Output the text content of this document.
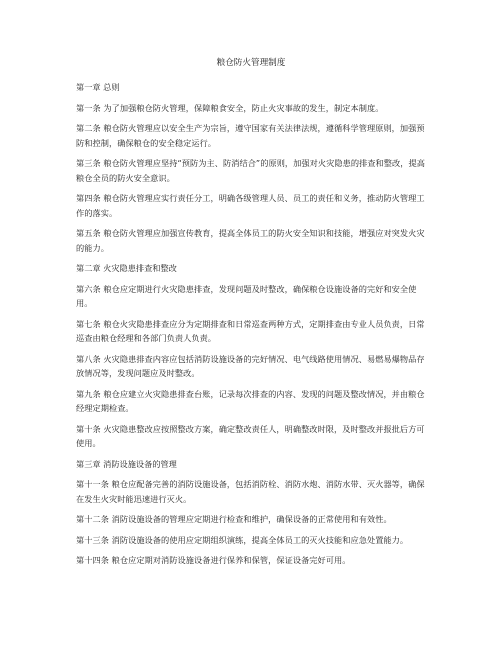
粮仓防火管理制度

第一章 总则

第一条 为了加强粮仓防火管理，保障粮食安全，防止火灾事故的发生，制定本制度。

第二条 粮仓防火管理应以安全生产为宗旨，遵守国家有关法律法规，遵循科学管理原则，加强预防和控制，确保粮仓的安全稳定运行。

第三条 粮仓防火管理应坚持“预防为主、防消结合”的原则，加强对火灾隐患的排查和整改，提高粮仓全员的防火安全意识。

第四条 粮仓防火管理应实行责任分工，明确各级管理人员、员工的责任和义务，推动防火管理工作的落实。

第五条 粮仓防火管理应加强宣传教育，提高全体员工的防火安全知识和技能，增强应对突发火灾的能力。

第二章 火灾隐患排查和整改

第六条 粮仓应定期进行火灾隐患排查，发现问题及时整改，确保粮仓设施设备的完好和安全使用。

第七条 粮仓火灾隐患排查应分为定期排查和日常巡查两种方式，定期排查由专业人员负责，日常巡查由粮仓经理和各部门负责人负责。

第八条 火灾隐患排查内容应包括消防设施设备的完好情况、电气线路使用情况、易燃易爆物品存放情况等，发现问题应及时整改。

第九条 粮仓应建立火灾隐患排查台账，记录每次排查的内容、发现的问题及整改情况，并由粮仓经理定期检查。

第十条 火灾隐患整改应按照整改方案，确定整改责任人，明确整改时限，及时整改并报批后方可使用。

第三章 消防设施设备的管理

第十一条 粮仓应配备完善的消防设施设备，包括消防栓、消防水炮、消防水带、灭火器等，确保在发生火灾时能迅速进行灭火。

第十二条 消防设施设备的管理应定期进行检查和维护，确保设备的正常使用和有效性。

第十三条 消防设施设备的使用应定期组织演练，提高全体员工的灭火技能和应急处置能力。

第十四条 粮仓应定期对消防设施设备进行保养和保管，保证设备完好可用。
